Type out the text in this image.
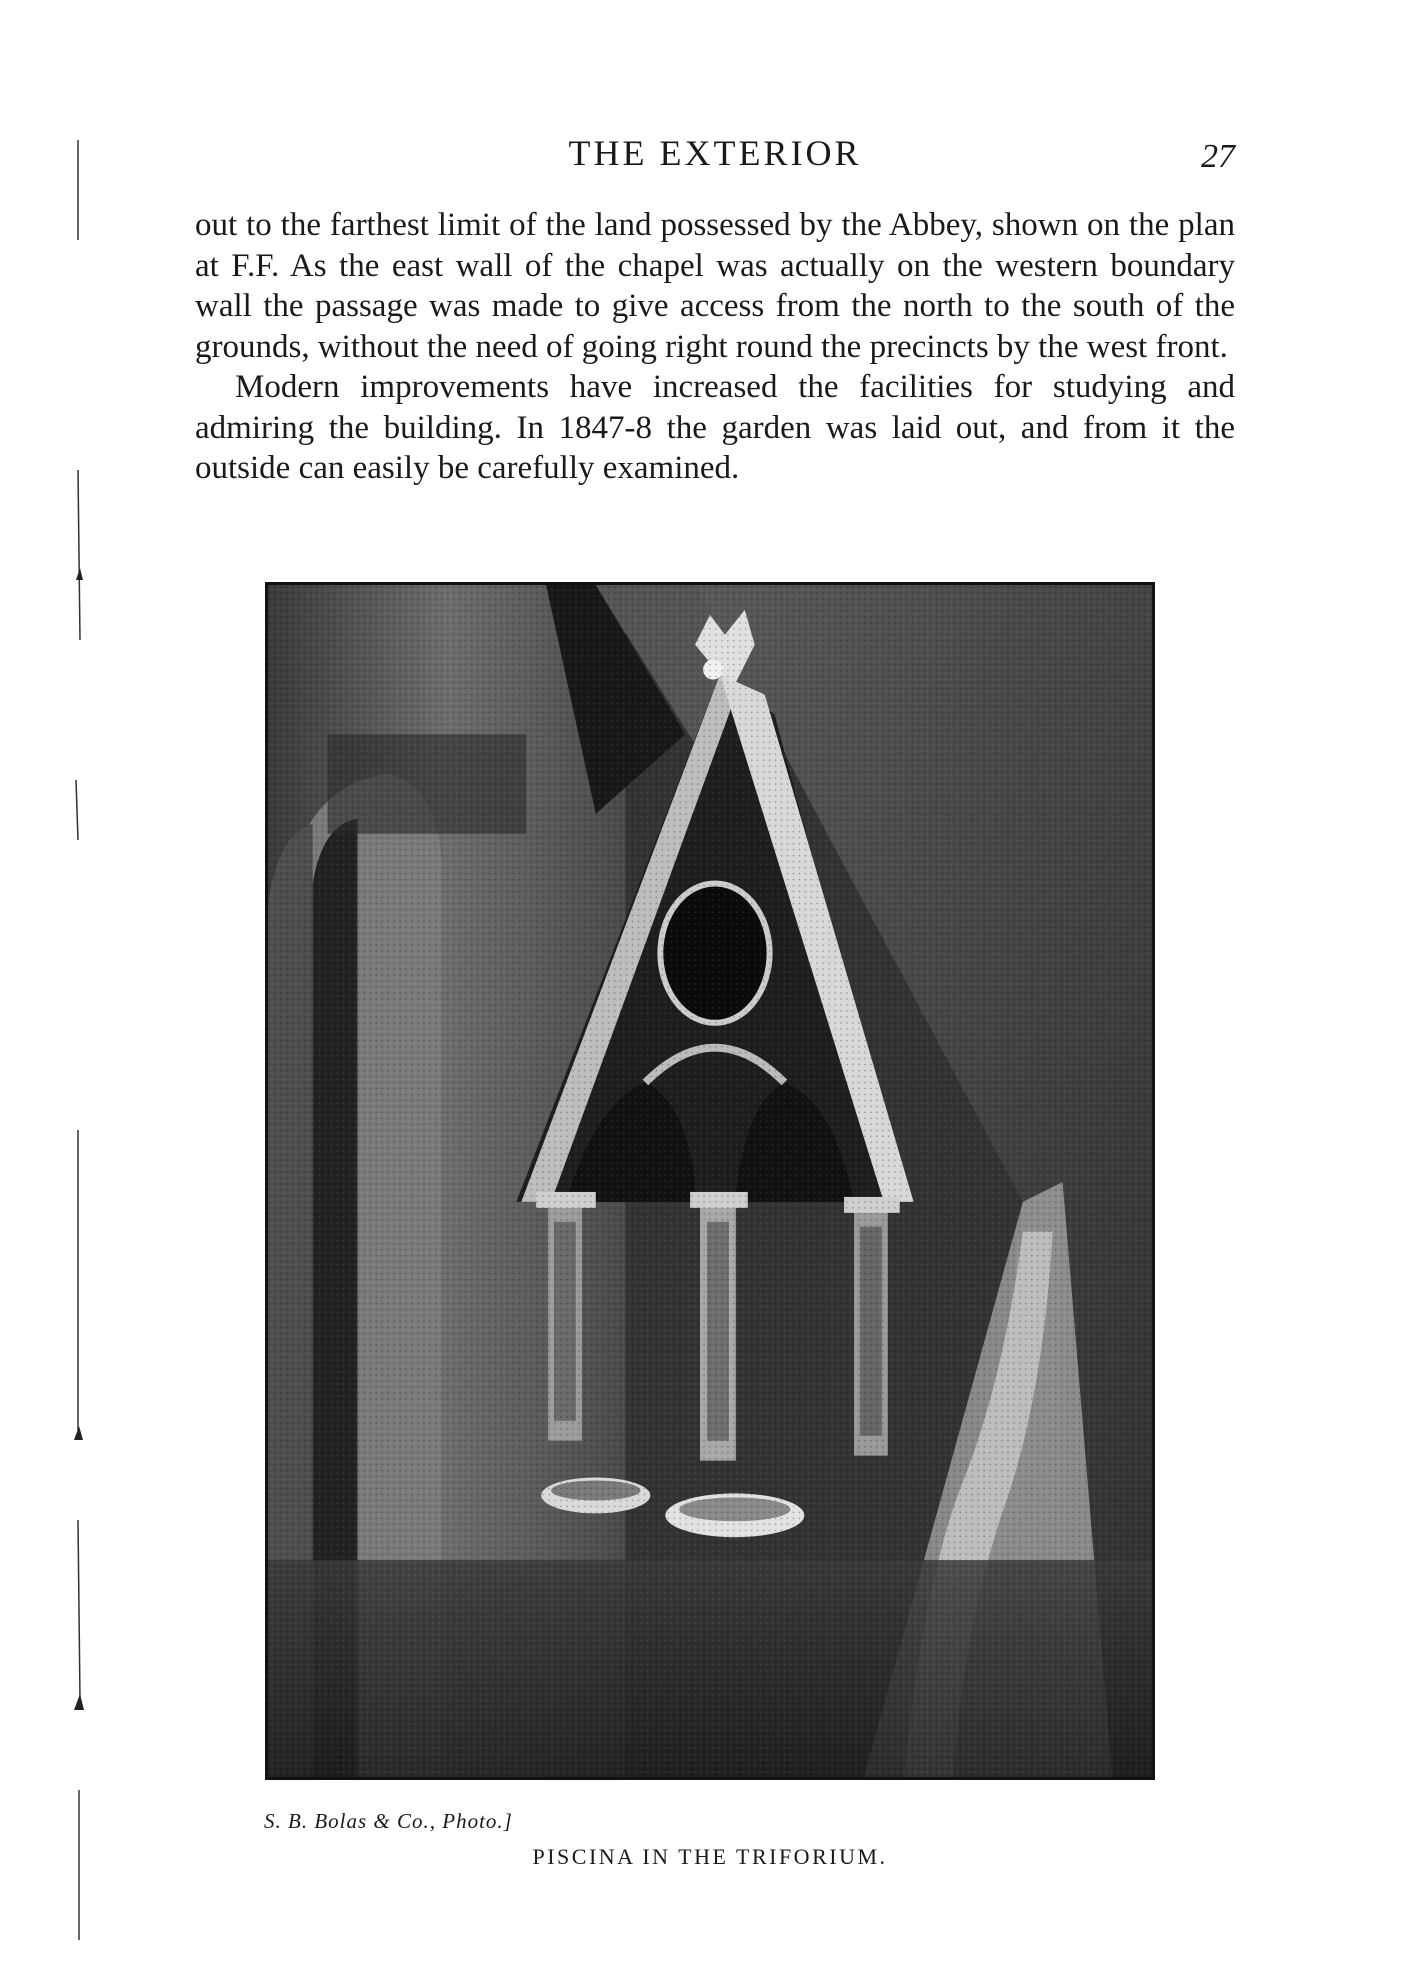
THE EXTERIOR	27

out to the farthest limit of the land possessed by the Abbey, shown on the plan at F.F. As the east wall of the chapel was actually on the western boundary wall the passage was made to give access from the north to the south of the grounds, without the need of going right round the precincts by the west front.

Modern improvements have increased the facilities for studying and admiring the building. In 1847-8 the garden was laid out, and from it the outside can easily be carefully examined.

S. B. Bolas & Co., Photo.]
PISCINA IN THE TRIFORIUM.
